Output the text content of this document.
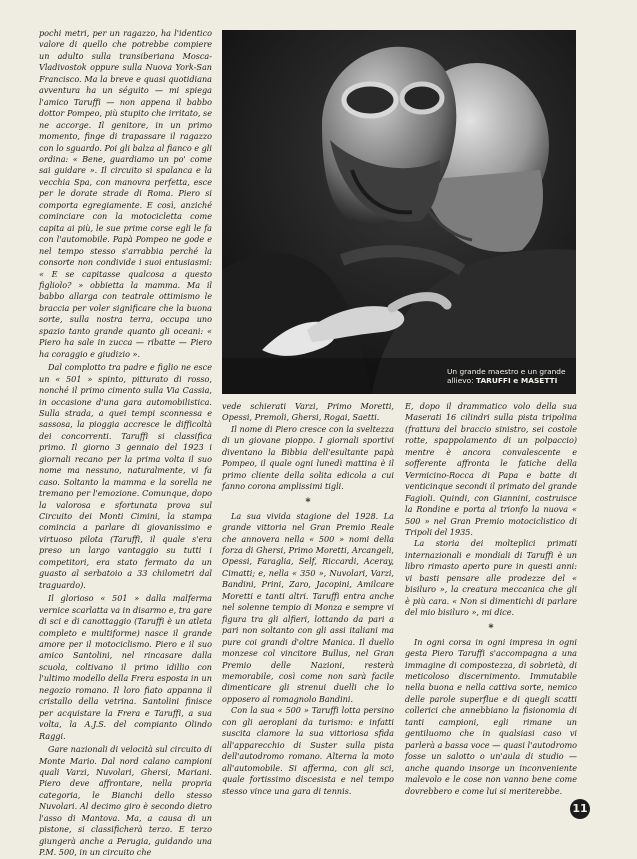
pochi metri, per un ragazzo, ha l'identico valore di quello che potrebbe compiere un adulto sulla transiberiana Mosca-Vladivostok oppure sulla Nuova York-San Francisco. Ma la breve e quasi quotidiana avventura ha un séguito — mi spiega l'amico Taruffi — non appena il babbo dottor Pompeo, più stupito che irritato, se ne accorge. Il genitore, in un primo momento, finge di trapassare il ragazzo con lo sguardo. Poi gli balza al fianco e gli ordina: « Bene, guardiamo un po' come sai guidare ». Il circuito si spalanca e la vecchia Spa, con manovra perfetta, esce per le dorate strade di Roma. Piero si comporta egregiamente. E così, anziché cominciare con la motocicletta come capita ai più, le sue prime corse egli le fa con l'automobile. Papà Pompeo ne gode e nel tempo stesso s'arrabbia perché la consorte non condivide i suoi entusiasmi: « E se capitasse qualcosa a questo figliolo? » obbietta la mamma. Ma il babbo allarga con teatrale ottimismo le braccia per voler significare che la buona sorte, sulla nostra terra, occupa uno spazio tanto grande quanto gli oceani: « Piero ha sale in zucca — ribatte — Piero ha coraggio e giudizio ».

Dal complotto tra padre e figlio ne esce un « 501 » spinto, pitturato di rosso, nonché il primo cimento sulla Via Cassia, in occasione d'una gara automobilistica. Sulla strada, a quei tempi sconnessa e sassosa, la pioggia accresce le difficoltà dei concorrenti. Taruffi si classifica primo. Il giorno 3 gennaio del 1923 i giornali recano per la prima volta il suo nome ma nessuno, naturalmente, vi fa caso. Soltanto la mamma e la sorella ne tremano per l'emozione. Comunque, dopo la valorosa e sfortunata prova sul Circuito dei Monti Cimini, la stampa comincia a parlare di giovanissimo e virtuoso pilota (Taruffi, il quale s'era preso un largo vantaggio su tutti i competitori, era stato fermato da un guasto al serbatoio a 33 chilometri dal traguardo).

Il glorioso « 501 » dalla malferma vernice scarlatta va in disarmo e, tra gare di sci e di canottaggio (Taruffi è un atleta completo e multiforme) nasce il grande amore per il motociclismo. Piero e il suo amico Santolini, nel rincasare dalla scuola, coltivano il primo idillio con l'ultimo modello della Frera esposta in un negozio romano. Il loro fiato appanna il cristallo della vetrina. Santolini finisce per acquistare la Frera e Taruffi, a sua volta, la A.J.S. del compianto Olindo Raggi.

Gare nazionali di velocità sul circuito di Monte Mario. Dal nord calano campioni quali Varzi, Nuvolari, Ghersi, Mariani. Piero deve affrontare, nella propria categoria, le Bianchi dello stesso Nuvolari. Al decimo giro è secondo dietro l'asso di Mantova. Ma, a causa di un pistone, si classificherà terzo. E terzo giungerà anche a Perugia, guidando una P.M. 500, in un circuito che

Un grande maestro e un grande
allievo: TARUFFI e MASETTI

vede schierati Varzi, Primo Moretti, Opessi, Premoli, Ghersi, Rogai, Saetti.

Il nome di Piero cresce con la sveltezza di un giovane pioppo. I giornali sportivi diventano la Bibbia dell'esultante papà Pompeo, il quale ogni lunedì mattina è il primo cliente della solita edicola a cui fanno corona amplissimi tigli.

*

La sua vivida stagione del 1928. La grande vittoria nel Gran Premio Reale che annovera nella « 500 » nomi della forza di Ghersi, Primo Moretti, Arcangeli, Opessi, Faraglia, Self, Riccardi, Aceray, Cimatti; e, nella « 350 », Nuvolari, Varzi, Bandini, Prini, Zaro, Jacopini, Amilcare Moretti e tanti altri. Taruffi entra anche nel solenne tempio di Monza e sempre vi figura tra gli alfieri, lottando da pari a pari non soltanto con gli assi italiani ma pure coi grandi d'oltre Manica. Il duello monzese col vincitore Bullus, nel Gran Premio delle Nazioni, resterà memorabile, così come non sarà facile dimenticare gli strenui duelli che lo opposero al romagnolo Bandini.

Con la sua « 500 » Taruffi lotta persino con gli aeroplani da turismo: e infatti suscita clamore la sua vittoriosa sfida all'apparecchio di Suster sulla pista dell'autodromo romano. Alterna la moto all'automobile. Si afferma, con gli sci, quale fortissimo discesista e nel tempo stesso vince una gara di tennis.

E, dopo il drammatico volo della sua Maserati 16 cilindri sulla pista tripolina (frattura del braccio sinistro, sei costole rotte, spappolamento di un polpaccio) mentre è ancora convalescente e sofferente affronta le fatiche della Vermicino-Rocca di Papa e batte di venticinque secondi il primato del grande Fagioli. Quindi, con Giannini, costruisce la Rondine e porta al trionfo la nuova « 500 » nel Gran Premio motociclistico di Tripoli del 1935.

La storia dei molteplici primati internazionali e mondiali di Taruffi è un libro rimasto aperto pure in questi anni: vi basti pensare alle prodezze del « bisiluro », la creatura meccanica che gli è più cara. « Non si dimentichi di parlare del mio bisiluro », mi dice.

*

In ogni corsa in ogni impresa in ogni gesta Piero Taruffi s'accompagna a una immagine di compostezza, di sobrietà, di meticoloso discernimento. Immutabile nella buona e nella cattiva sorte, nemico delle parole superflue e di quegli scatti collerici che annebbiano la fisionomia di tanti campioni, egli rimane un gentiluomo che in qualsiasi caso vi parlerà a bassa voce — quasi l'autodromo fosse un salotto o un'aula di studio — anche quando insorge un inconveniente malevolo e le cose non vanno bene come dovrebbero e come lui si meriterebbe.

11
